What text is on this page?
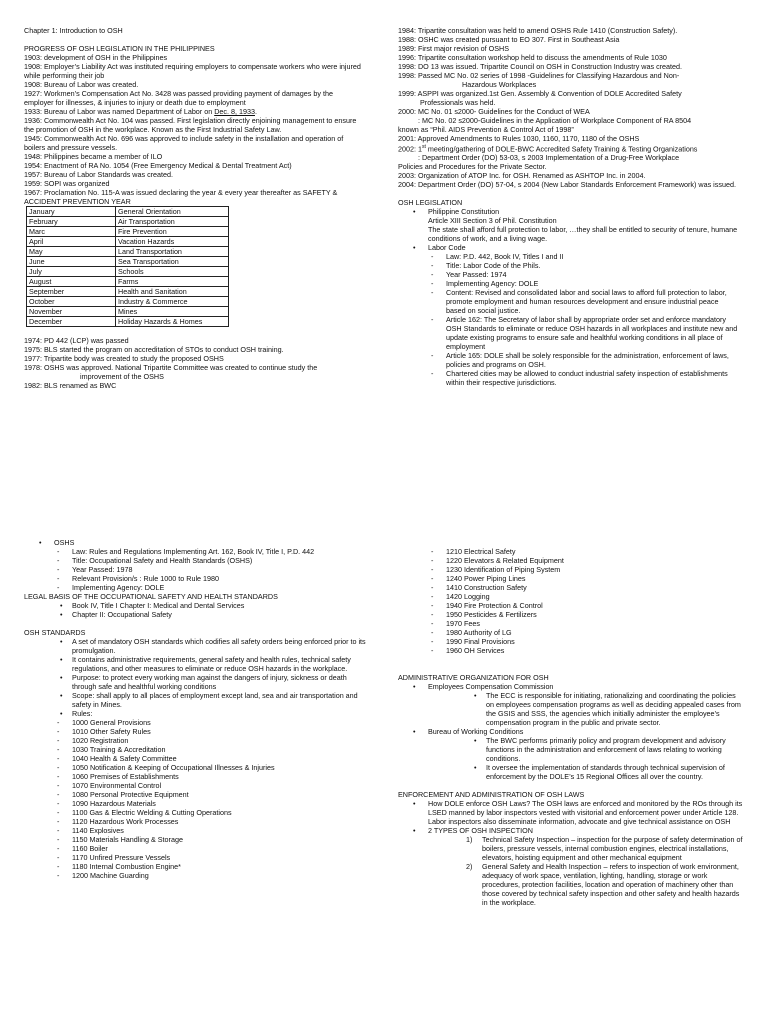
Chapter 1: Introduction to OSH

PROGRESS OF OSH LEGISLATION IN THE PHILIPPINES

1903: development of OSH in the Philippines

1908: Employer’s Liability Act was instituted requiring employers to compensate workers who were injured while performing their job

1908: Bureau of Labor was created.

1927: Workmen’s Compensation Act No. 3428 was passed providing payment of damages by the employer for illnesses, & injuries to injury or death due to employment

1933: Bureau of Labor was named Department of Labor on Dec. 8, 1933.

1936: Commonwealth Act No. 104 was passed. First legislation directly enjoining management to ensure the promotion of OSH in the workplace. Known as the First Industrial Safety Law.

1945: Commonwealth Act No. 696 was approved to include safety in the installation and operation of boilers and pressure vessels.

1948: Philippines became a member of ILO

1954: Enactment of RA No. 1054 (Free Emergency Medical & Dental Treatment Act)

1957: Bureau of Labor Standards was created.

1959: SOPI was organized

1967: Proclamation No. 115-A was issued declaring the year & every year thereafter as SAFETY & ACCIDENT PREVENTION YEAR

January	General Orientation
February	Air Transportation
Marc	Fire Prevention
April	Vacation Hazards
May	Land Transportation
June	Sea Transportation
July	Schools
August	Farms
September	Health and Sanitation
October	Industry & Commerce
November	Mines
December	Holiday Hazards & Homes

1974: PD 442 (LCP) was passed

1975: BLS started the program on accreditation of STOs to conduct OSH training.

1977: Tripartite body was created to study the proposed OSHS

1978: OSHS was approved. National Tripartite Committee was created to continue study the

improvement of the OSHS

1982: BLS renamed as BWC

1984: Tripartite consultation was held to amend OSHS Rule 1410 (Construction Safety).

1988: OSHC was created pursuant to EO 307. First in Southeast Asia

1989: First major revision of OSHS

1996: Tripartite consultation workshop held to discuss the amendments of Rule 1030

1998: DO 13 was issued. Tripartite Council on OSH in Construction Industry was created.

1998: Passed MC No. 02 series of 1998 -Guidelines for Classifying Hazardous and Non-

Hazardous Workplaces

1999: ASPPI was organized.1st Gen. Assembly & Convention of DOLE Accredited Safety

Professionals was held.

2000: MC No. 01 s2000- Guidelines for the Conduct of WEA

: MC No. 02 s2000-Guidelines in the Application of Workplace Component of RA 8504

known as “Phil. AIDS Prevention & Control Act of 1998”

2001: Approved Amendments to Rules 1030, 1160, 1170, 1180 of the OSHS

2002: 1st meeting/gathering of DOLE-BWC Accredited Safety Training & Testing Organizations

: Department Order (DO) 53-03, s 2003 Implementation of a Drug-Free Workplace

Policies and Procedures for the Private Sector.

2003: Organization of ATOP Inc. for OSH. Renamed as ASHTOP Inc. in 2004.

2004: Department Order (DO) 57-04, s 2004 (New Labor Standards Enforcement Framework) was issued.

OSH LEGISLATION

• Philippine Constitution

Article XIII Section 3 of Phil. Constitution

The state shall afford full protection to labor, …they shall be entitled to security of tenure, humane conditions of work, and a living wage.

• Labor Code
- Law: P.D. 442, Book IV, Titles I and II
- Title: Labor Code of the Phils.
- Year Passed: 1974
- Implementing Agency: DOLE
- Content: Revised and consolidated labor and social laws to afford full protection to labor, promote employment and human resources development and ensure industrial peace based on social justice.
- Article 162: The Secretary of labor shall by appropriate order set and enforce mandatory OSH Standards to eliminate or reduce OSH hazards in all workplaces and institute new and update existing programs to ensure safe and healthful working conditions in all place of employment
- Article 165: DOLE shall be solely responsible for the administration, enforcement of laws, policies and programs on OSH.
- Chartered cities may be allowed to conduct industrial safety inspection of establishments within their respective jurisdictions.
• OSHS
- Law: Rules and Regulations Implementing Art. 162, Book IV, Title I, P.D. 442
- Title: Occupational Safety and Health Standards (OSHS)
- Year Passed: 1978
- Relevant Provision/s : Rule 1000 to Rule 1980
- Implementing Agency: DOLE

LEGAL BASIS OF THE OCCUPATIONAL SAFETY AND HEALTH STANDARDS

• Book IV, Title I Chapter I: Medical and Dental Services
• Chapter II: Occupational Safety

OSH STANDARDS

• A set of mandatory OSH standards which codifies all safety orders being enforced prior to its promulgation.
• It contains administrative requirements, general safety and health rules, technical safety regulations, and other measures to eliminate or reduce OSH hazards in the workplace.
• Purpose: to protect every working man against the dangers of injury, sickness or death through safe and healthful working conditions
• Scope: shall apply to all places of employment except land, sea and air transportation and safety in Mines.
• Rules:
- 1000 General Provisions
- 1010 Other Safety Rules
- 1020 Registration
- 1030 Training & Accreditation
- 1040 Health & Safety Committee
- 1050 Notification & Keeping of Occupational Illnesses & Injuries
- 1060 Premises of Establishments
- 1070 Environmental Control
- 1080 Personal Protective Equipment
- 1090 Hazardous Materials
- 1100 Gas & Electric Welding & Cutting Operations
- 1120 Hazardous Work Processes
- 1140 Explosives
- 1150 Materials Handling & Storage
- 1160 Boiler
- 1170 Unfired Pressure Vessels
- 1180 Internal Combustion Engine*
- 1200 Machine Guarding
- 1210 Electrical Safety
- 1220 Elevators & Related Equipment
- 1230 Identification of Piping System
- 1240 Power Piping Lines
- 1410 Construction Safety
- 1420 Logging
- 1940 Fire Protection & Control
- 1950 Pesticides & Fertilizers
- 1970 Fees
- 1980 Authority of LG
- 1990 Final Provisions
- 1960 OH Services

ADMINISTRATIVE ORGANIZATION FOR OSH

• Employees Compensation Commission
• The ECC is responsible for initiating, rationalizing and coordinating the policies on employees compensation programs as well as deciding appealed cases from the GSIS and SSS, the agencies which initially administer the employee’s compensation program in the public and private sector.
• Bureau of Working Conditions
• The BWC performs primarily policy and program development and advisory functions in the administration and enforcement of laws relating to working conditions.
• It oversee the implementation of standards through technical supervision of enforcement by the DOLE’s 15 Regional Offices all over the country.

ENFORCEMENT AND ADMINISTRATION OF OSH LAWS

• How DOLE enforce OSH Laws? The OSH laws are enforced and monitored by the ROs through its LSED manned by labor inspectors vested with visitorial and enforcement power under Article 128. Labor inspectors also disseminate information, advocate and give technical assistance on OSH
• 2 TYPES OF OSH INSPECTION
1) Technical Safety Inspection – inspection for the purpose of safety determination of boilers, pressure vessels, internal combustion engines, electrical installations, elevators, hoisting equipment and other mechanical equipment
2) General Safety and Health Inspection – refers to inspection of work environment, adequacy of work space, ventilation, lighting, handling, storage or work procedures, protection facilities, location and operation of machinery other than those covered by technical safety inspection and other safety and health hazards in the workplace.
